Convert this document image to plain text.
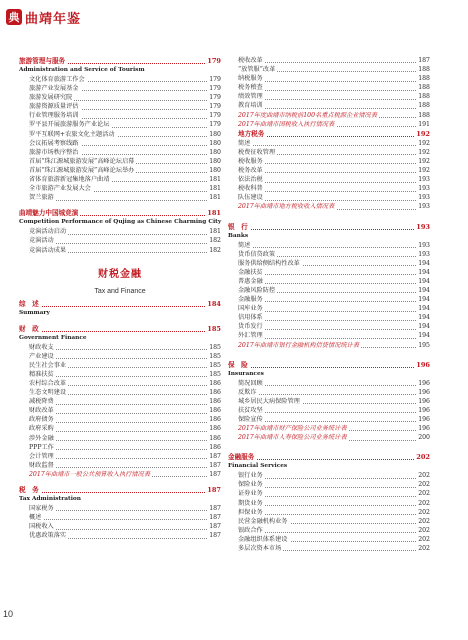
典 曲靖年鉴
旅游管理与服务	179
Administration and Service of Tourism
文化体育旅游工作会	179
旅游产业发展基金	179
旅游发展研究院	179
旅游资源质量评估	179
行业管理服务培训	179
罗平县开展旅游服务产业论坛	179
罗平互联网+农旅文化主题活动	180
会议拓展考察线路	180
旅游市场秩序整治	180
首届“珠江源城旅游发展”高峰论坛启幕	180
首届“珠江源城旅游发展”高峰论坛举办	180
省体育旅游新冠集地落户曲靖	181
全市旅游产业发展大会	181
贺兰旅游	181
曲靖魅力中国城竞演	181
Competition Performance of Qujing as Chinese Charming City
竞演活动启动	181
竞演活动	182
竞演活动成果	182
财税金融
Tax and Finance
综　述	184
Summary
财　政	185
Government Finance
财政收支	185
产业建设	185
民生社会事业	185
精准扶贫	185
农村综合改革	186
生态文明建设	186
减税降费	186
财政改革	186
政府债务	186
政府采购	186
涉外金融	186
PPP工作	186
会计管理	187
财政监督	187
2017年曲靖市一般公共预算收入执行情况表	187
税　务	187
Tax Administration
国家税务	187
概述	187
国税收入	187
优惠政策落实	187
税收改革	187
“放管服”改革	188
纳税服务	188
税务稽查	188
绩效管理	188
教育培训	188
2017年度曲靖市纳税前100名重点税源企业情况表	188
2017年曲靖市国税收入执行情况表	191
地方税务	192
简述	192
税费征收管理	192
税收服务	192
税务改革	192
依法治税	193
税收科普	193
队伍建设	193
2017年曲靖市地方税收收入情况表	193
银　行	193
Banks
简述	193
货币信贷政策	193
服务供给侧结构性改革	194
金融扶贫	194
普惠金融	194
金融风险防控	194
金融服务	194
国库业务	194
信用体系	194
货币发行	194
外汇管理	194
2017年曲靖市银行金融机构信贷情况统计表	195
保　险	196
Insurances
简况回顾	196
反欺诈	196
城乡居民大病保险管理	196
扶贫攻坚	196
保险宣传	196
2017年曲靖市财产保险公司业务统计表	196
2017年曲靖市人寿保险公司业务统计表	200
金融服务	202
Financial Services
银行业务	202
保险业务	202
证券业务	202
期货业务	202
担保业务	202
民营金融机构业务	202
银政合作	202
金融组织体系建设	202
多层次资本市场	202
10
